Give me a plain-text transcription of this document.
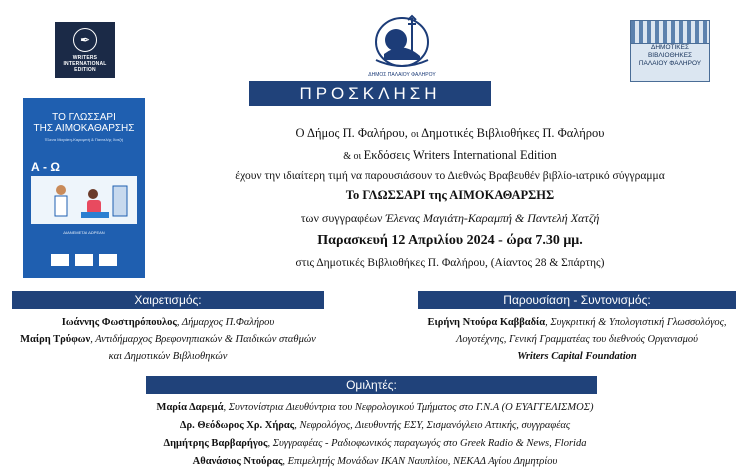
✒
WRITERS
INTERNATIONAL
EDITION
ΔΗΜΟΣ ΠΑΛΑΙΟΥ ΦΑΛΗΡΟΥ
ΔΗΜΟΤΙΚΕΣ
ΒΙΒΛΙΟΘΗΚΕΣ
ΠΑΛΑΙΟΥ ΦΑΛΗΡΟΥ
ΠΡΟΣΚΛΗΣΗ
ΤΟ ΓΛΩΣΣΑΡΙ
ΤΗΣ ΑΙΜΟΚΑΘΑΡΣΗΣ
Έλενα Μαγιάτη-Καραμπή & Παντελής Χατζή
Α - Ω
ΔΙΑΝΕΜΕΤΑΙ ΔΩΡΕΑΝ
Ο Δήμος Π. Φαλήρου, οι Δημοτικές Βιβλιοθήκες Π. Φαλήρου
& οι Εκδόσεις Writers International Edition
έχουν την ιδιαίτερη τιμή να παρουσιάσουν το Διεθνώς Βραβευθέν βιβλίο-ιατρικό σύγγραμμα
Το ΓΛΩΣΣΑΡΙ της ΑΙΜΟΚΑΘΑΡΣΗΣ
των συγγραφέων Έλενας Μαγιάτη-Καραμπή & Παντελή Χατζή
Παρασκευή 12 Απριλίου 2024 - ώρα 7.30 μμ.
στις Δημοτικές Βιβλιοθήκες Π. Φαλήρου, (Αίαντος 28 & Σπάρτης)
Χαιρετισμός:
Ιωάννης Φωστηρόπουλος, Δήμαρχος Π.Φαλήρου
Μαίρη Τρύφων, Αντιδήμαρχος Βρεφονηπιακών & Παιδικών σταθμών
και Δημοτικών Βιβλιοθηκών
Παρουσίαση - Συντονισμός:
Ειρήνη Ντούρα Καββαδία, Συγκριτική & Υπολογιστική Γλωσσολόγος,
Λογοτέχνης, Γενική Γραμματέας του διεθνούς Οργανισμού
Writers Capital Foundation
Ομιλητές:
Μαρία Δαρεμά, Συντονίστρια Διευθύντρια του Νεφρολογικού Τμήματος στο Γ.Ν.Α (Ο ΕΥΑΓΓΕΛΙΣΜΟΣ)
Δρ. Θεόδωρος Χρ. Χήρας, Νεφρολόγος, Διευθυντής ΕΣΥ, Σισμανόγλειο Αττικής, συγγραφέας
Δημήτρης Βαρβαρήγος, Συγγραφέας - Ραδιοφωνικός παραγωγός στο Greek Radio & News, Florida
Αθανάσιος Ντούρας, Επιμελητής Μονάδων ΙΚΑΝ Ναυπλίου, ΝΕΚΑΔ Αγίου Δημητρίου
